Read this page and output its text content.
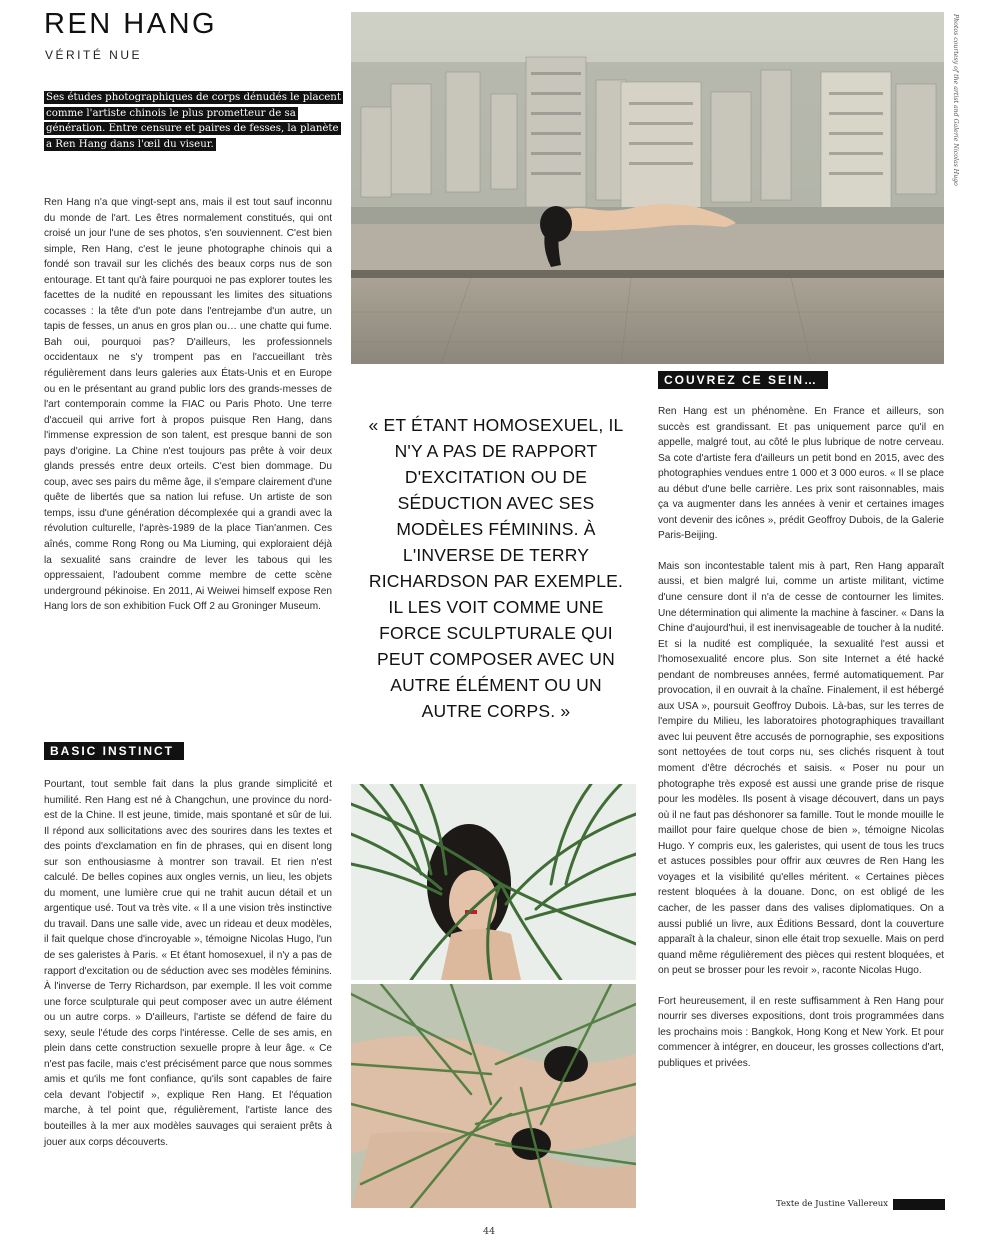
REN HANG
VÉRITÉ NUE
Ses études photographiques de corps dénudés le placent comme l'artiste chinois le plus prometteur de sa génération. Entre censure et paires de fesses, la planète a Ren Hang dans l'œil du viseur.

Ren Hang n'a que vingt-sept ans, mais il est tout sauf inconnu du monde de l'art. Les êtres normalement constitués, qui ont croisé un jour l'une de ses photos, s'en souviennent. C'est bien simple, Ren Hang, c'est le jeune photographe chinois qui a fondé son travail sur les clichés des beaux corps nus de son entourage. Et tant qu'à faire pourquoi ne pas explorer toutes les facettes de la nudité en repoussant les limites des situations cocasses : la tête d'un pote dans l'entrejambe d'un autre, un tapis de fesses, un anus en gros plan ou… une chatte qui fume. Bah oui, pourquoi pas? D'ailleurs, les professionnels occidentaux ne s'y trompent pas en l'accueillant très régulièrement dans leurs galeries aux États-Unis et en Europe ou en le présentant au grand public lors des grands-messes de l'art contemporain comme la FIAC ou Paris Photo. Une terre d'accueil qui arrive fort à propos puisque Ren Hang, dans l'immense expression de son talent, est presque banni de son pays d'origine. La Chine n'est toujours pas prête à voir deux glands pressés entre deux orteils. C'est bien dommage. Du coup, avec ses pairs du même âge, il s'empare clairement d'une quête de libertés que sa nation lui refuse. Un artiste de son temps, issu d'une génération décomplexée qui a grandi avec la révolution culturelle, l'après-1989 de la place Tian'anmen. Ces aînés, comme Rong Rong ou Ma Liuming, qui exploraient déjà la sexualité sans craindre de lever les tabous qui les oppressaient, l'adoubent comme membre de cette scène underground pékinoise. En 2011, Ai Weiwei himself expose Ren Hang lors de son exhibition Fuck Off 2 au Groninger Museum.

BASIC INSTINCT

Pourtant, tout semble fait dans la plus grande simplicité et humilité. Ren Hang est né à Changchun, une province du nord-est de la Chine. Il est jeune, timide, mais spontané et sûr de lui. Il répond aux sollicitations avec des sourires dans les textes et des points d'exclamation en fin de phrases, qui en disent long sur son enthousiasme à montrer son travail. Et rien n'est calculé. De belles copines aux ongles vernis, un lieu, les objets du moment, une lumière crue qui ne trahit aucun détail et un argentique usé. Tout va très vite. « Il a une vision très instinctive du travail. Dans une salle vide, avec un rideau et deux modèles, il fait quelque chose d'incroyable », témoigne Nicolas Hugo, l'un de ses galeristes à Paris. « Et étant homosexuel, il n'y a pas de rapport d'excitation ou de séduction avec ses modèles féminins. À l'inverse de Terry Richardson, par exemple. Il les voit comme une force sculpturale qui peut composer avec un autre élément ou un autre corps. » D'ailleurs, l'artiste se défend de faire du sexy, seule l'étude des corps l'intéresse. Celle de ses amis, en plein dans cette construction sexuelle propre à leur âge. « Ce n'est pas facile, mais c'est précisément parce que nous sommes amis et qu'ils me font confiance, qu'ils sont capables de faire cela devant l'objectif », explique Ren Hang. Et l'équation marche, à tel point que, régulièrement, l'artiste lance des bouteilles à la mer aux modèles sauvages qui seraient prêts à jouer aux corps découverts.

Photos courtesy of the artist and Galerie Nicolas Hugo
COUVREZ CE SEIN…
« ET ÉTANT HOMOSEXUEL, IL N'Y A PAS DE RAPPORT D'EXCITATION OU DE SÉDUCTION AVEC SES MODÈLES FÉMININS. À L'INVERSE DE TERRY RICHARDSON PAR EXEMPLE. IL LES VOIT COMME UNE FORCE SCULPTURALE QUI PEUT COMPOSER AVEC UN AUTRE ÉLÉMENT OU UN AUTRE CORPS. »

Ren Hang est un phénomène. En France et ailleurs, son succès est grandissant. Et pas uniquement parce qu'il en appelle, malgré tout, au côté le plus lubrique de notre cerveau. Sa cote d'artiste fera d'ailleurs un petit bond en 2015, avec des photographies vendues entre 1 000 et 3 000 euros. « Il se place au début d'une belle carrière. Les prix sont raisonnables, mais ça va augmenter dans les années à venir et certaines images vont devenir des icônes », prédit Geoffroy Dubois, de la Galerie Paris-Beijing.

Mais son incontestable talent mis à part, Ren Hang apparaît aussi, et bien malgré lui, comme un artiste militant, victime d'une censure dont il n'a de cesse de contourner les limites. Une détermination qui alimente la machine à fasciner. « Dans la Chine d'aujourd'hui, il est inenvisageable de toucher à la nudité. Et si la nudité est compliquée, la sexualité l'est aussi et l'homosexualité encore plus. Son site Internet a été hacké pendant de nombreuses années, fermé automatiquement. Par provocation, il en ouvrait à la chaîne. Finalement, il est hébergé aux USA », poursuit Geoffroy Dubois. Là-bas, sur les terres de l'empire du Milieu, les laboratoires photographiques travaillant avec lui peuvent être accusés de pornographie, ses expositions sont nettoyées de tout corps nu, ses clichés risquent à tout moment d'être décrochés et saisis. « Poser nu pour un photographe très exposé est aussi une grande prise de risque pour les modèles. Ils posent à visage découvert, dans un pays où il ne faut pas déshonorer sa famille. Tout le monde mouille le maillot pour faire quelque chose de bien », témoigne Nicolas Hugo. Y compris eux, les galeristes, qui usent de tous les trucs et astuces possibles pour offrir aux œuvres de Ren Hang les voyages et la visibilité qu'elles méritent. « Certaines pièces restent bloquées à la douane. Donc, on est obligé de les cacher, de les passer dans des valises diplomatiques. On a aussi publié un livre, aux Éditions Bessard, dont la couverture apparaît à la chaleur, sinon elle était trop sexuelle. Mais on perd quand même régulièrement des pièces qui restent bloquées, et on peut se brosser pour les revoir », raconte Nicolas Hugo.

Fort heureusement, il en reste suffisamment à Ren Hang pour nourrir ses diverses expositions, dont trois programmées dans les prochains mois : Bangkok, Hong Kong et New York. Et pour commencer à intégrer, en douceur, les grosses collections d'art, publiques et privées.

Texte de Justine Vallereux
44
